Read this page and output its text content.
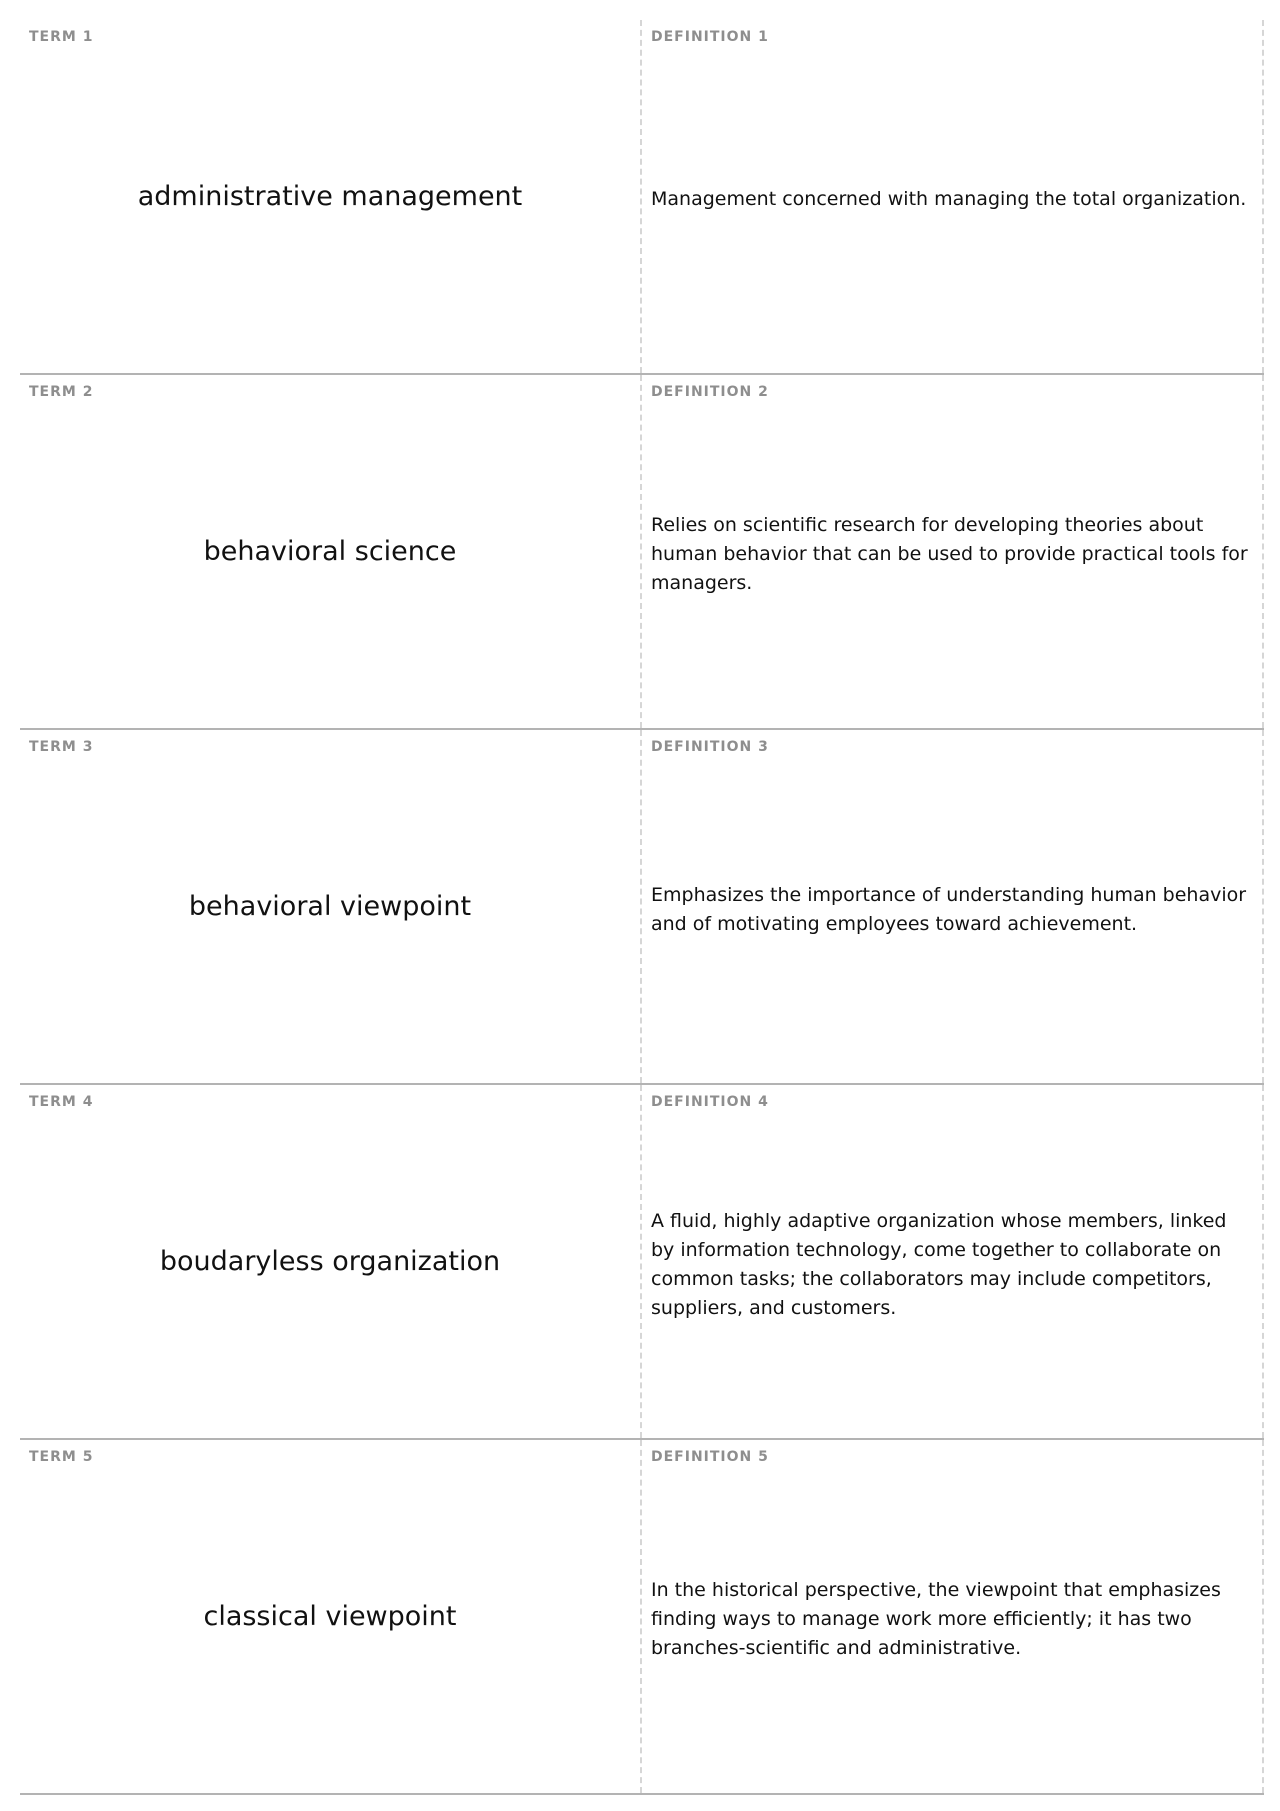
TERM 1
administrative management
DEFINITION 1
Management concerned with managing the total organization.
TERM 2
behavioral science
DEFINITION 2
Relies on scientific research for developing theories about human behavior that can be used to provide practical tools for managers.
TERM 3
behavioral viewpoint
DEFINITION 3
Emphasizes the importance of understanding human behavior and of motivating employees toward achievement.
TERM 4
boudaryless organization
DEFINITION 4
A fluid, highly adaptive organization whose members, linked by information technology, come together to collaborate on common tasks; the collaborators may include competitors, suppliers, and customers.
TERM 5
classical viewpoint
DEFINITION 5
In the historical perspective, the viewpoint that emphasizes finding ways to manage work more efficiently; it has two branches-scientific and administrative.
